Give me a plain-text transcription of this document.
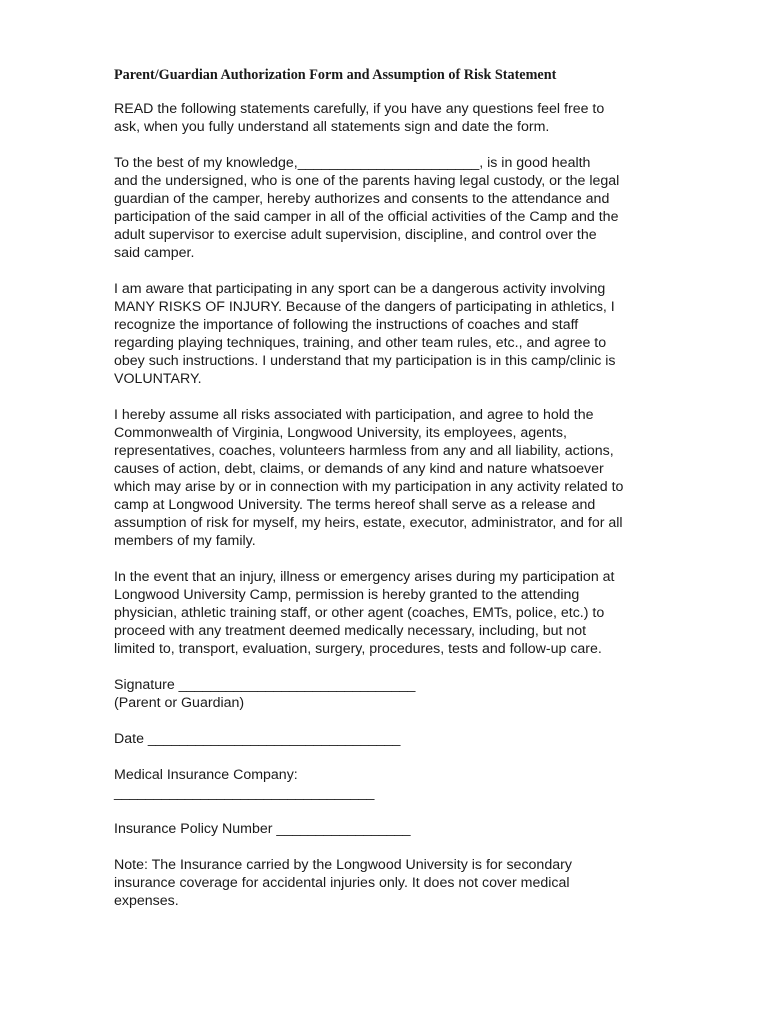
Parent/Guardian Authorization Form and Assumption of Risk Statement
READ the following statements carefully, if you have any questions feel free to
ask, when you fully understand all statements sign and date the form.
To the best of my knowledge,_______________________, is in good health
and the undersigned, who is one of the parents having legal custody, or the legal
guardian of the camper, hereby authorizes and consents to the attendance and
participation of the said camper in all of the official activities of the Camp and the
adult supervisor to exercise adult supervision, discipline, and control over the
said camper.
I am aware that participating in any sport can be a dangerous activity involving
MANY RISKS OF INJURY. Because of the dangers of participating in athletics, I
recognize the importance of following the instructions of coaches and staff
regarding playing techniques, training, and other team rules, etc., and agree to
obey such instructions. I understand that my participation is in this camp/clinic is
VOLUNTARY.
I hereby assume all risks associated with participation, and agree to hold the
Commonwealth of Virginia, Longwood University, its employees, agents,
representatives, coaches, volunteers harmless from any and all liability, actions,
causes of action, debt, claims, or demands of any kind and nature whatsoever
which may arise by or in connection with my participation in any activity related to
camp at Longwood University. The terms hereof shall serve as a release and
assumption of risk for myself, my heirs, estate, executor, administrator, and for all
members of my family.
In the event that an injury, illness or emergency arises during my participation at
Longwood University Camp, permission is hereby granted to the attending
physician, athletic training staff, or other agent (coaches, EMTs, police, etc.) to
proceed with any treatment deemed medically necessary, including, but not
limited to, transport, evaluation, surgery, procedures, tests and follow-up care.
Signature ______________________________
(Parent or Guardian)
Date ________________________________
Medical Insurance Company:
_________________________________
Insurance Policy Number _________________
Note: The Insurance carried by the Longwood University is for secondary
insurance coverage for accidental injuries only. It does not cover medical
expenses.
